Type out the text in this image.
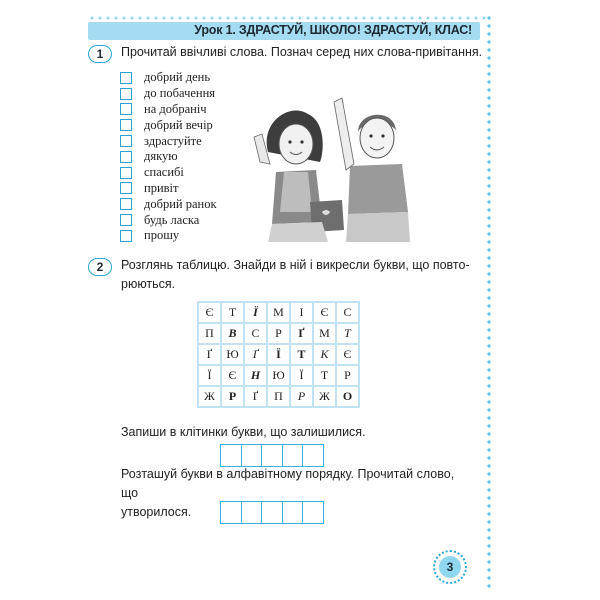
Урок 1. ЗДРАСТУЙ, ШКОЛО! ЗДРАСТУЙ, КЛАС!
1	Прочитай ввічливі слова. Познач серед них слова-привітання.
добрий день
до побачення
на добраніч
добрий вечір
здрастуйте
дякую
спасибі
привіт
добрий ранок
будь ласка
прошу
2	Розглянь таблицю. Знайди в ній і викресли букви, що повто-
рюються.
Є	Т	Ї	М	І	Є	С
П	В	С	Р	Ґ	М	Т
Ґ	Ю	Ґ	Ї	Т	К	Є
Ї	Є	Н	Ю	Ї	Т	Р
Ж	Р	Ґ	П	Р	Ж	О
Запиши в клітинки букви, що залишилися.
Розташуй букви в алфавітному порядку. Прочитай слово, що
утворилося.
3
